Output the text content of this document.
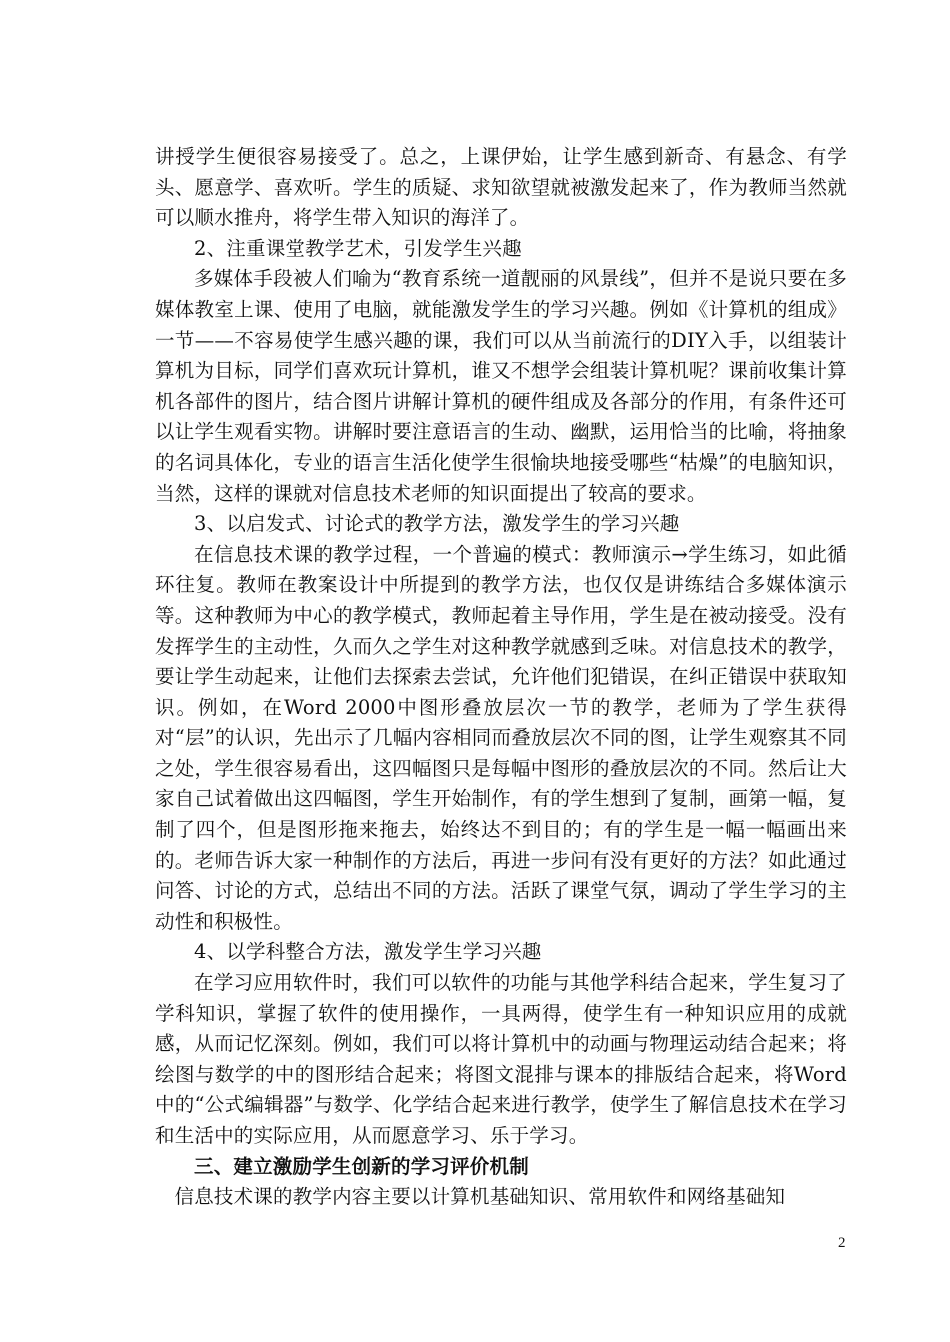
讲授学生便很容易接受了。总之，上课伊始，让学生感到新奇、有悬念、有学头、愿意学、喜欢听。学生的质疑、求知欲望就被激发起来了，作为教师当然就可以顺水推舟，将学生带入知识的海洋了。

2、注重课堂教学艺术，引发学生兴趣

多媒体手段被人们喻为“教育系统一道靓丽的风景线”，但并不是说只要在多媒体教室上课、使用了电脑，就能激发学生的学习兴趣。例如《计算机的组成》一节——不容易使学生感兴趣的课，我们可以从当前流行的DIY入手，以组装计算机为目标，同学们喜欢玩计算机，谁又不想学会组装计算机呢？课前收集计算机各部件的图片，结合图片讲解计算机的硬件组成及各部分的作用，有条件还可以让学生观看实物。讲解时要注意语言的生动、幽默，运用恰当的比喻，将抽象的名词具体化，专业的语言生活化使学生很愉块地接受哪些“枯燥”的电脑知识，当然，这样的课就对信息技术老师的知识面提出了较高的要求。

3、以启发式、讨论式的教学方法，激发学生的学习兴趣

在信息技术课的教学过程，一个普遍的模式：教师演示→学生练习，如此循环往复。教师在教案设计中所提到的教学方法，也仅仅是讲练结合多媒体演示等。这种教师为中心的教学模式，教师起着主导作用，学生是在被动接受。没有发挥学生的主动性，久而久之学生对这种教学就感到乏味。对信息技术的教学，要让学生动起来，让他们去探索去尝试，允许他们犯错误，在纠正错误中获取知识。例如，在Word 2000中图形叠放层次一节的教学，老师为了学生获得对“层”的认识，先出示了几幅内容相同而叠放层次不同的图，让学生观察其不同之处，学生很容易看出，这四幅图只是每幅中图形的叠放层次的不同。然后让大家自己试着做出这四幅图，学生开始制作，有的学生想到了复制，画第一幅，复制了四个，但是图形拖来拖去，始终达不到目的；有的学生是一幅一幅画出来的。老师告诉大家一种制作的方法后，再进一步问有没有更好的方法？如此通过问答、讨论的方式，总结出不同的方法。活跃了课堂气氛，调动了学生学习的主动性和积极性。

4、以学科整合方法，激发学生学习兴趣

在学习应用软件时，我们可以软件的功能与其他学科结合起来，学生复习了学科知识，掌握了软件的使用操作，一具两得，使学生有一种知识应用的成就感，从而记忆深刻。例如，我们可以将计算机中的动画与物理运动结合起来；将绘图与数学的中的图形结合起来；将图文混排与课本的排版结合起来，将Word中的“公式编辑器”与数学、化学结合起来进行教学，使学生了解信息技术在学习和生活中的实际应用，从而愿意学习、乐于学习。

三、建立激励学生创新的学习评价机制

信息技术课的教学内容主要以计算机基础知识、常用软件和网络基础知

2
